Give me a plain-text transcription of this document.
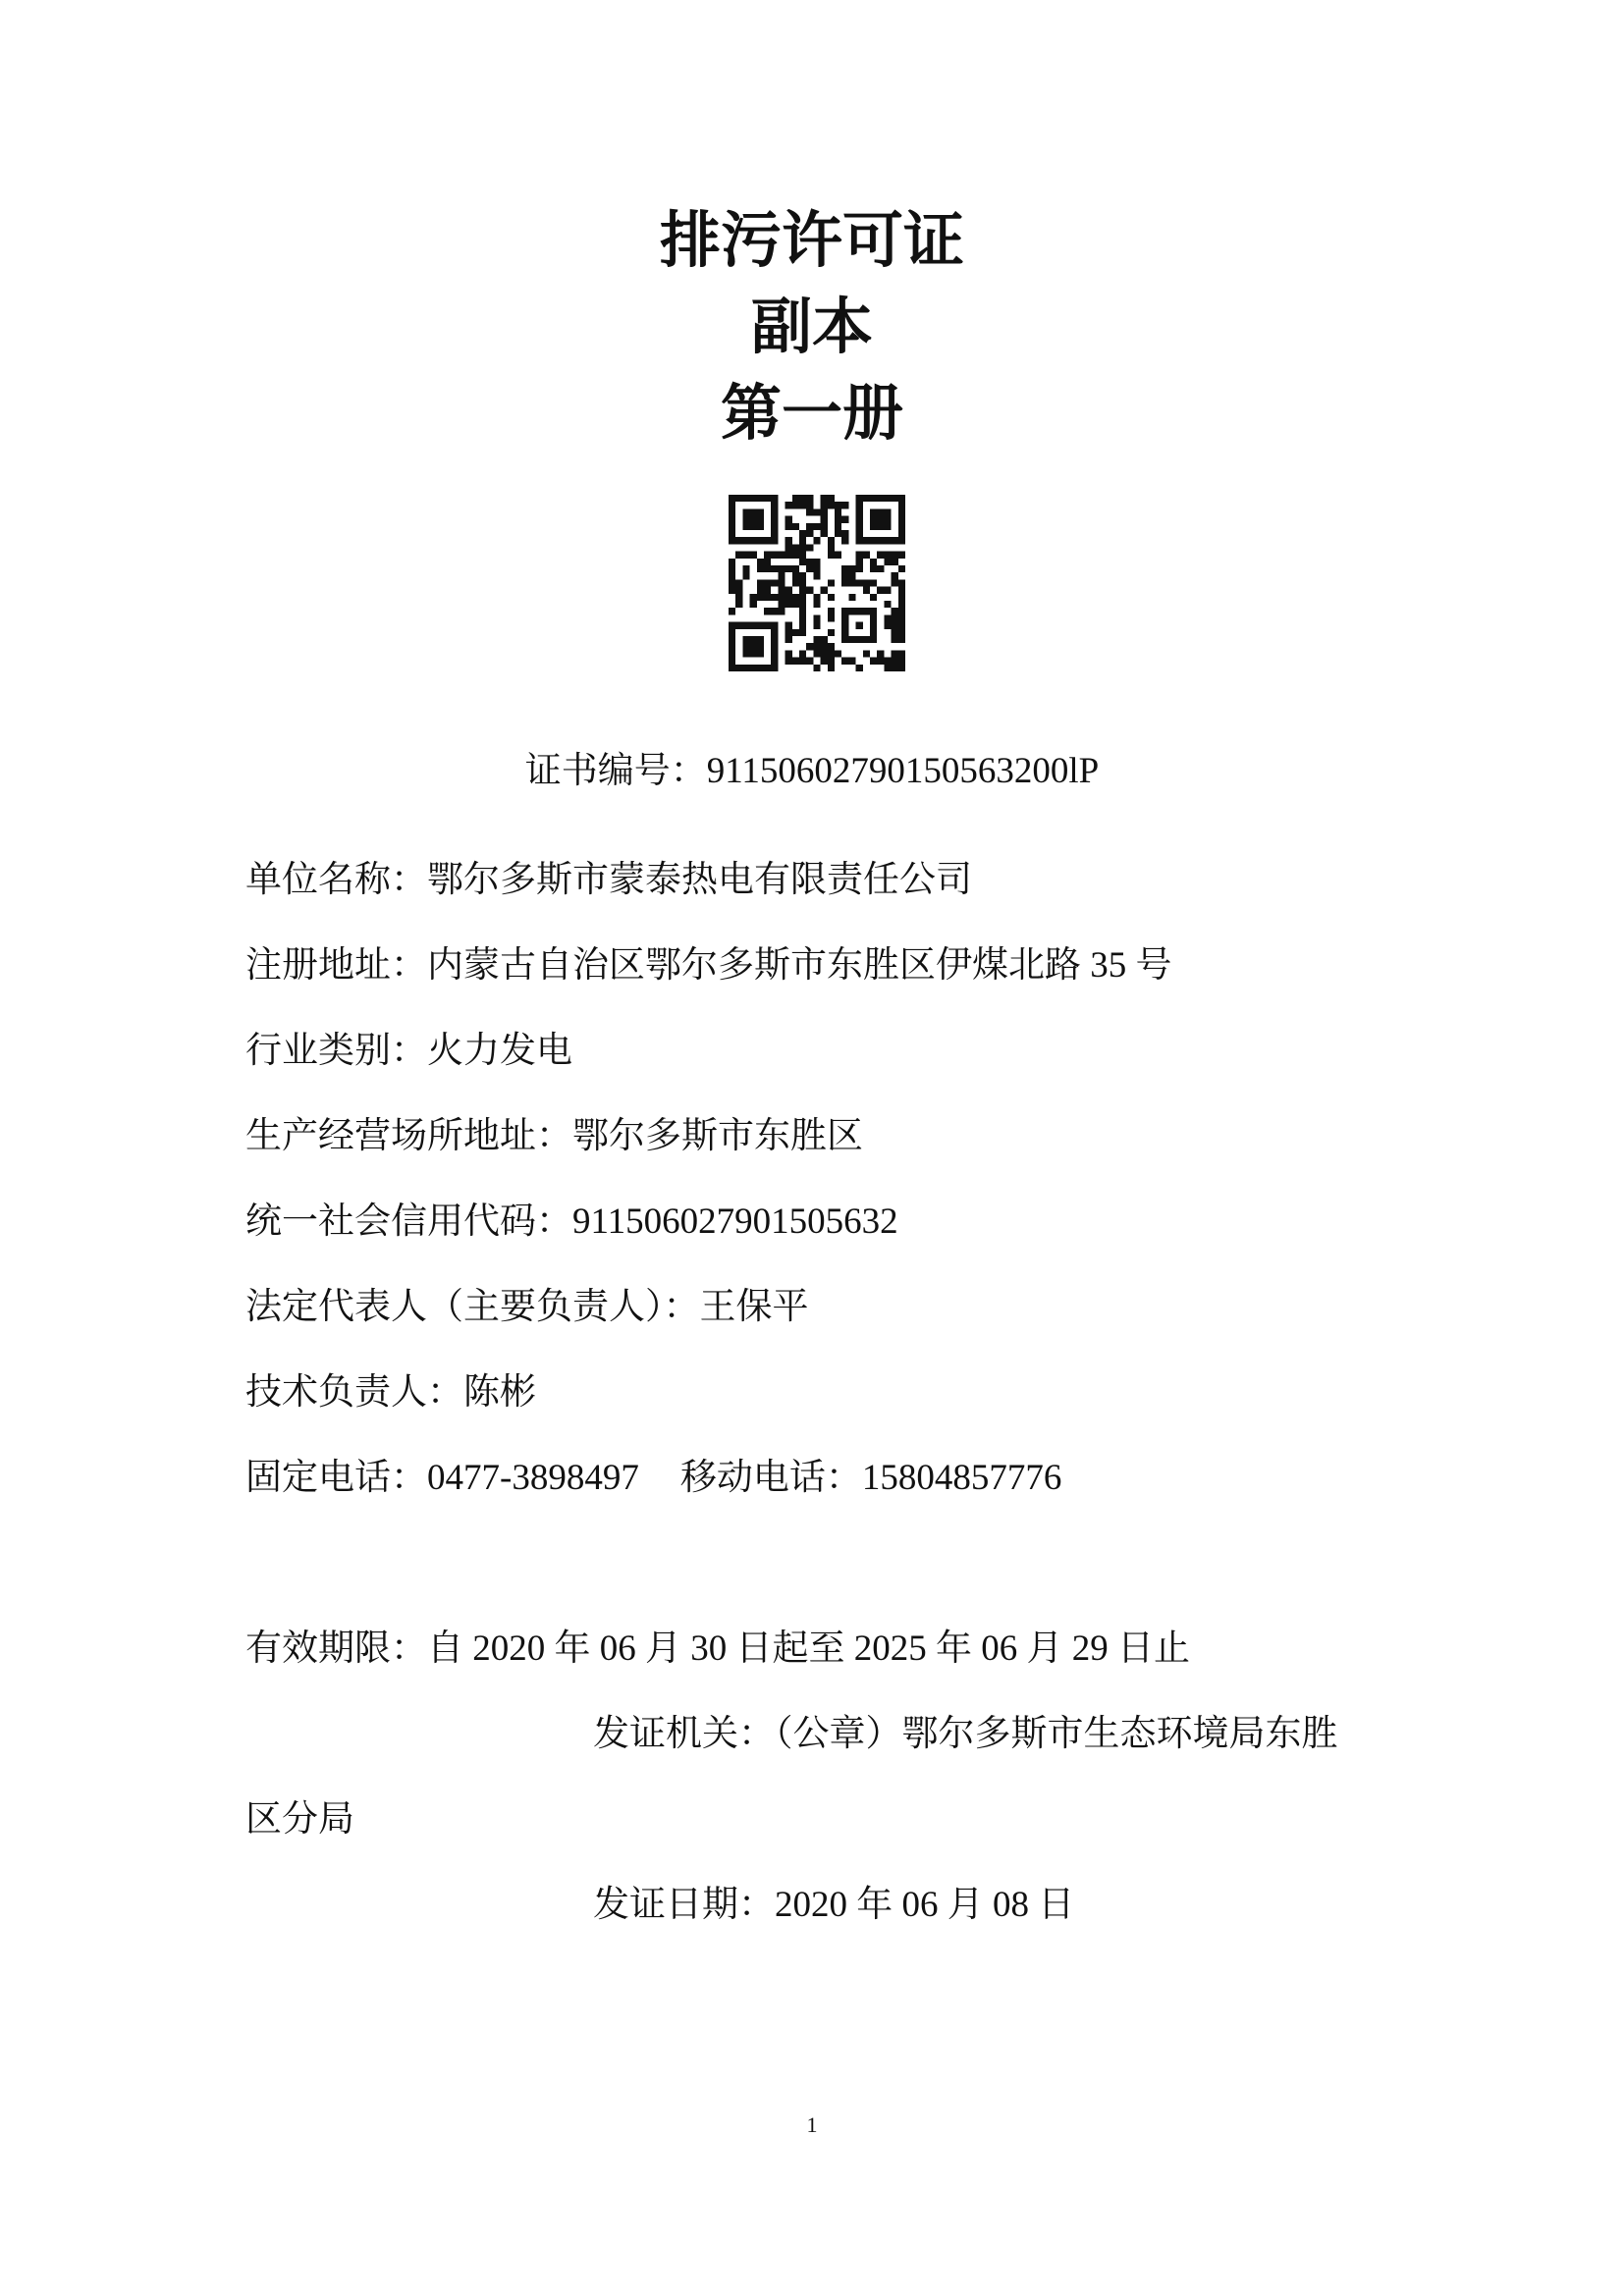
排污许可证
副本
第一册
证书编号：91150602790150563200lP
单位名称：鄂尔多斯市蒙泰热电有限责任公司
注册地址：内蒙古自治区鄂尔多斯市东胜区伊煤北路 35 号
行业类别：火力发电
生产经营场所地址：鄂尔多斯市东胜区
统一社会信用代码：911506027901505632
法定代表人（主要负责人）：王保平
技术负责人：陈彬
固定电话：0477-3898497 移动电话：15804857776
有效期限：自 2020 年 06 月 30 日起至 2025 年 06 月 29 日止
发证机关：（公章）鄂尔多斯市生态环境局东胜
区分局
发证日期：2020 年 06 月 08 日
1
